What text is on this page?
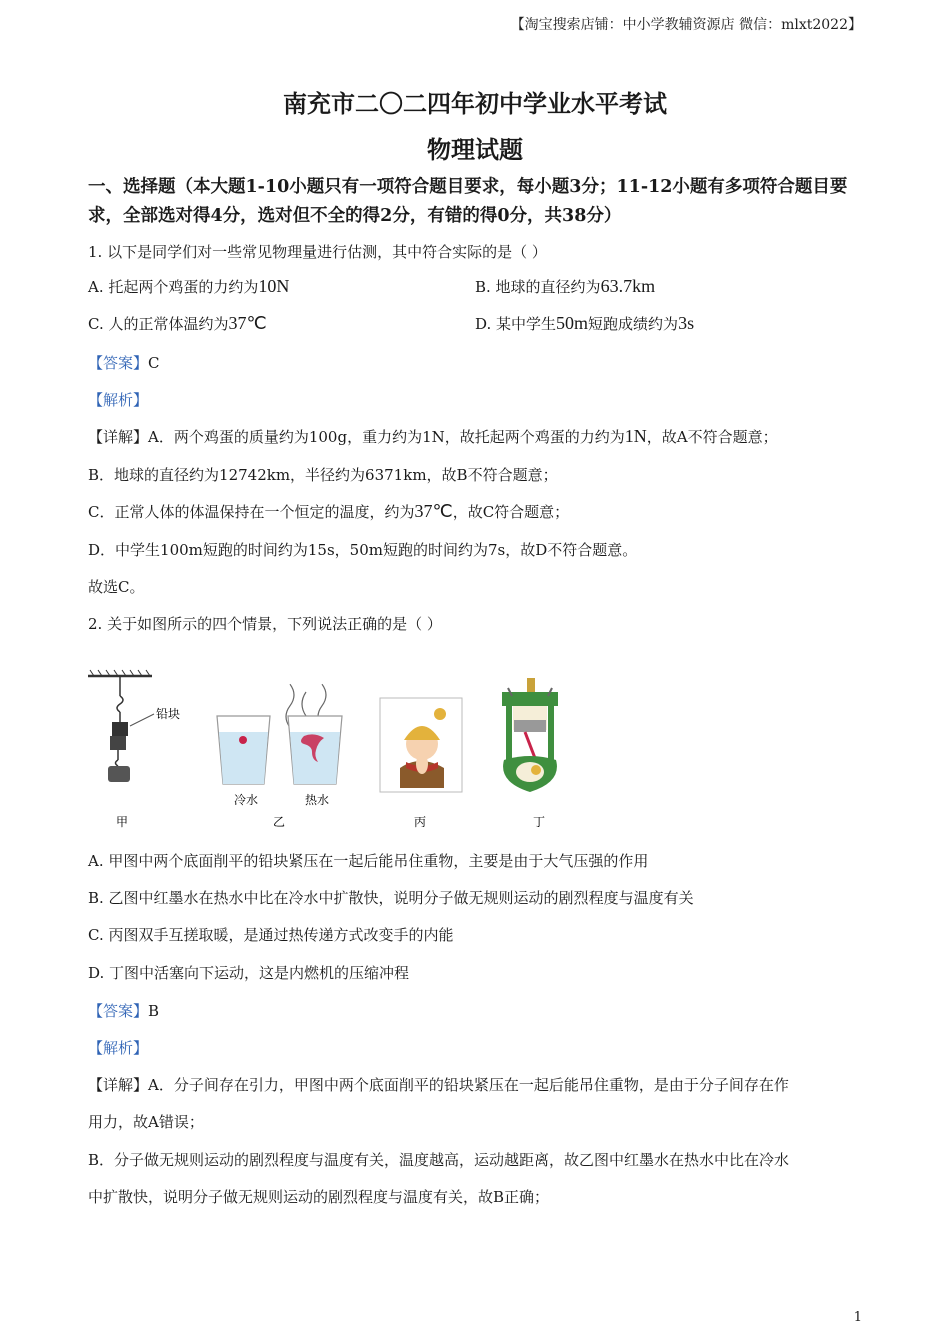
【淘宝搜索店铺：中小学教辅资源店 微信：mlxt2022】
南充市二〇二四年初中学业水平考试
物理试题
一、选择题（本大题1-10小题只有一项符合题目要求，每小题3分；11-12小题有多项符合题目要求，全部选对得4分，选对但不全的得2分，有错的得0分，共38分）
1. 以下是同学们对一些常见物理量进行估测，其中符合实际的是（ ）
A. 托起两个鸡蛋的力约为10N	B. 地球的直径约为63.7km
C. 人的正常体温约为37℃	D. 某中学生50m短跑成绩约为3s
【答案】C
【解析】
【详解】A．两个鸡蛋的质量约为100g，重力约为1N，故托起两个鸡蛋的力约为1N，故A不符合题意；
B．地球的直径约为12742km，半径约为6371km，故B不符合题意；
C．正常人体的体温保持在一个恒定的温度，约为37℃，故C符合题意；
D．中学生100m短跑的时间约为15s，50m短跑的时间约为7s，故D不符合题意。
故选C。
2. 关于如图所示的四个情景，下列说法正确的是（ ）
铅块
甲
冷水	热水
乙	丙	丁
A. 甲图中两个底面削平的铅块紧压在一起后能吊住重物，主要是由于大气压强的作用
B. 乙图中红墨水在热水中比在冷水中扩散快，说明分子做无规则运动的剧烈程度与温度有关
C. 丙图双手互搓取暖，是通过热传递方式改变手的内能
D. 丁图中活塞向下运动，这是内燃机的压缩冲程
【答案】B
【解析】
【详解】A．分子间存在引力，甲图中两个底面削平的铅块紧压在一起后能吊住重物，是由于分子间存在作
用力，故A错误；
B．分子做无规则运动的剧烈程度与温度有关，温度越高，运动越距离，故乙图中红墨水在热水中比在冷水
中扩散快，说明分子做无规则运动的剧烈程度与温度有关，故B正确；
1
